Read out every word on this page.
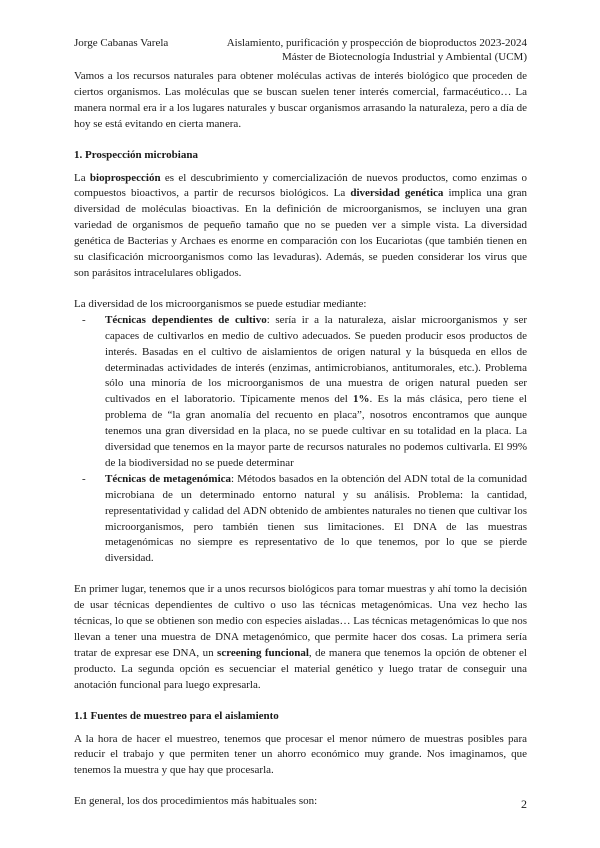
Jorge Cabanas Varela	Aislamiento, purificación y prospección de bioproductos 2023-2024
Máster de Biotecnología Industrial y Ambiental (UCM)

Vamos a los recursos naturales para obtener moléculas activas de interés biológico que proceden de ciertos organismos. Las moléculas que se buscan suelen tener interés comercial, farmacéutico… La manera normal era ir a los lugares naturales y buscar organismos arrasando la naturaleza, pero a día de hoy se está evitando en cierta manera.

1. Prospección microbiana

La bioprospección es el descubrimiento y comercialización de nuevos productos, como enzimas o compuestos bioactivos, a partir de recursos biológicos. La diversidad genética implica una gran diversidad de moléculas bioactivas. En la definición de microorganismos, se incluyen una gran variedad de organismos de pequeño tamaño que no se pueden ver a simple vista. La diversidad genética de Bacterias y Archaes es enorme en comparación con los Eucariotas (que también tienen en su clasificación microorganismos como las levaduras). Además, se pueden considerar los virus que son parásitos intracelulares obligados.

La diversidad de los microorganismos se puede estudiar mediante:

- Técnicas dependientes de cultivo: sería ir a la naturaleza, aislar microorganismos y ser capaces de cultivarlos en medio de cultivo adecuados. Se pueden producir esos productos de interés. Basadas en el cultivo de aislamientos de origen natural y la búsqueda en ellos de determinadas actividades de interés (enzimas, antimicrobianos, antitumorales, etc.). Problema sólo una minoría de los microorganismos de una muestra de origen natural pueden ser cultivados en el laboratorio. Típicamente menos del 1%. Es la más clásica, pero tiene el problema de “la gran anomalía del recuento en placa”, nosotros encontramos que aunque tenemos una gran diversidad en la placa, no se puede cultivar en su totalidad en la placa. La diversidad que tenemos en la mayor parte de recursos naturales no podemos cultivarla. El 99% de la biodiversidad no se puede determinar
- Técnicas de metagenómica: Métodos basados en la obtención del ADN total de la comunidad microbiana de un determinado entorno natural y su análisis. Problema: la cantidad, representatividad y calidad del ADN obtenido de ambientes naturales no tienen que cultivar los microorganismos, pero también tienen sus limitaciones. El DNA de las muestras metagenómicas no siempre es representativo de lo que tenemos, por lo que se pierde diversidad.

En primer lugar, tenemos que ir a unos recursos biológicos para tomar muestras y ahí tomo la decisión de usar técnicas dependientes de cultivo o uso las técnicas metagenómicas. Una vez hecho las técnicas, lo que se obtienen son medio con especies aisladas… Las técnicas metagenómicas lo que nos llevan a tener una muestra de DNA metagenómico, que permite hacer dos cosas. La primera sería tratar de expresar ese DNA, un screening funcional, de manera que tenemos la opción de obtener el producto. La segunda opción es secuenciar el material genético y luego tratar de conseguir una anotación funcional para luego expresarla.

1.1 Fuentes de muestreo para el aislamiento

A la hora de hacer el muestreo, tenemos que procesar el menor número de muestras posibles para reducir el trabajo y que permiten tener un ahorro económico muy grande. Nos imaginamos, que tenemos la muestra y que hay que procesarla.

En general, los dos procedimientos más habituales son:	2
